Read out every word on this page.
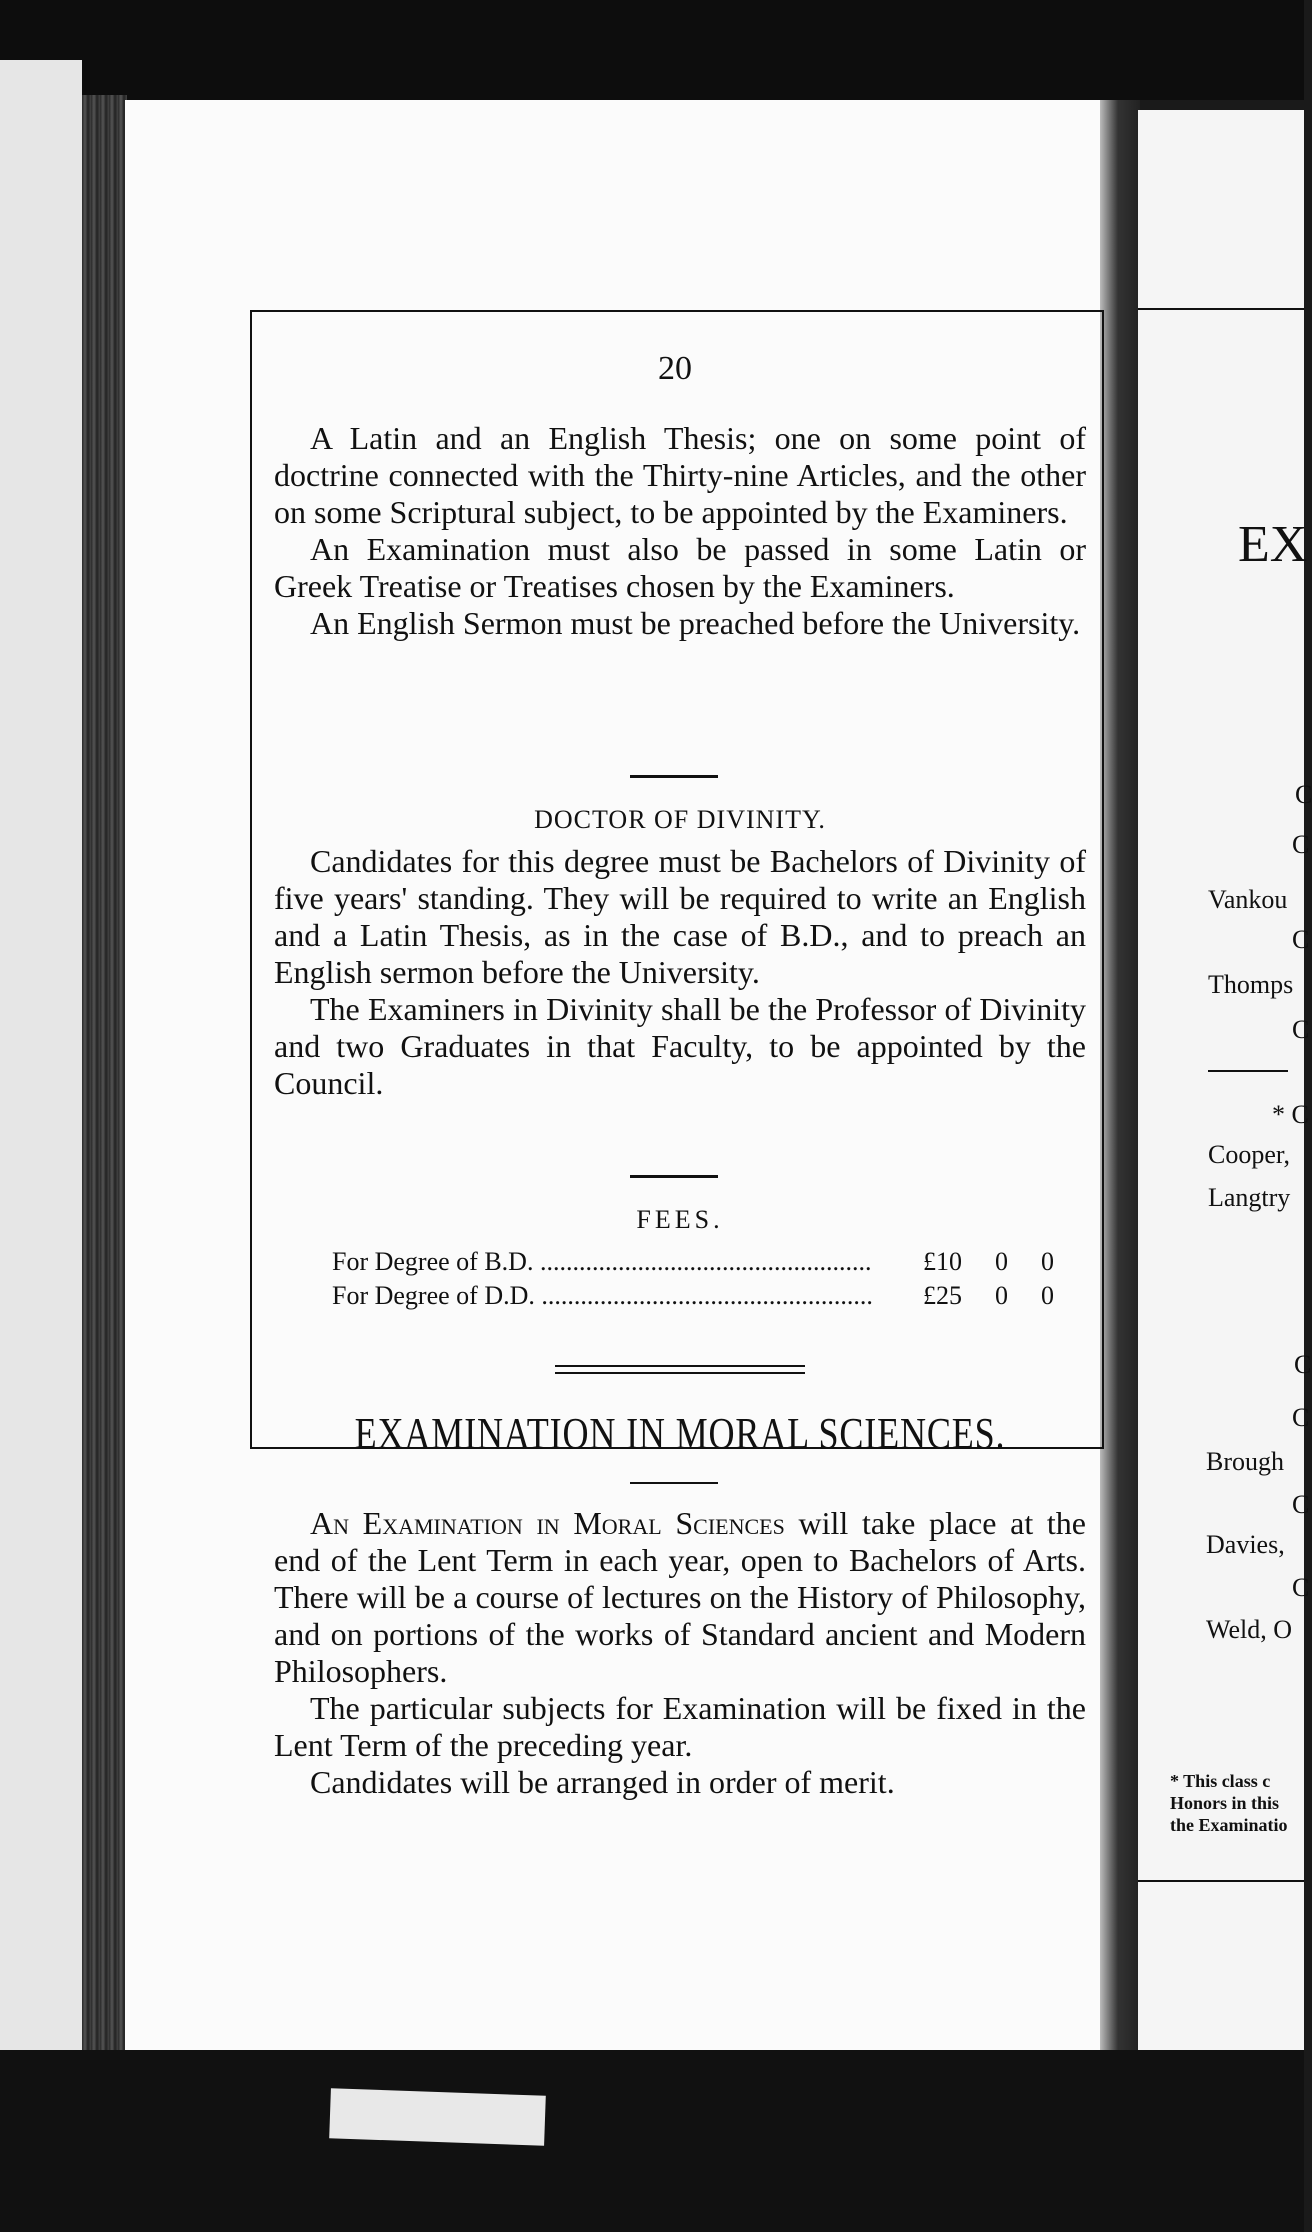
20

A Latin and an English Thesis; one on some point of doctrine connected with the Thirty-nine Articles, and the other on some Scriptural subject, to be appointed by the Examiners.

An Examination must also be passed in some Latin or Greek Treatise or Treatises chosen by the Examiners.

An English Sermon must be preached before the University.

DOCTOR OF DIVINITY.

Candidates for this degree must be Bachelors of Divinity of five years' standing. They will be required to write an English and a Latin Thesis, as in the case of B.D., and to preach an English sermon before the University.

The Examiners in Divinity shall be the Professor of Divinity and two Graduates in that Faculty, to be appointed by the Council.

FEES.

For Degree of B.D. ...................................................	£10	0	0
For Degree of D.D. ...................................................	£25	0	0
EXAMINATION IN MORAL SCIENCES.

An Examination in Moral Sciences will take place at the end of the Lent Term in each year, open to Bachelors of Arts. There will be a course of lectures on the History of Philosophy, and on portions of the works of Standard ancient and Modern Philosophers.

The particular subjects for Examination will be fixed in the Lent Term of the preceding year.

Candidates will be arranged in order of merit.

EX
C
C
Vankou
C
Thomps
C
* C
Cooper,
Langtry
C
C
Brough
C
Davies,
C
Weld, O
* This class c
Honors in this
the Examinatio
